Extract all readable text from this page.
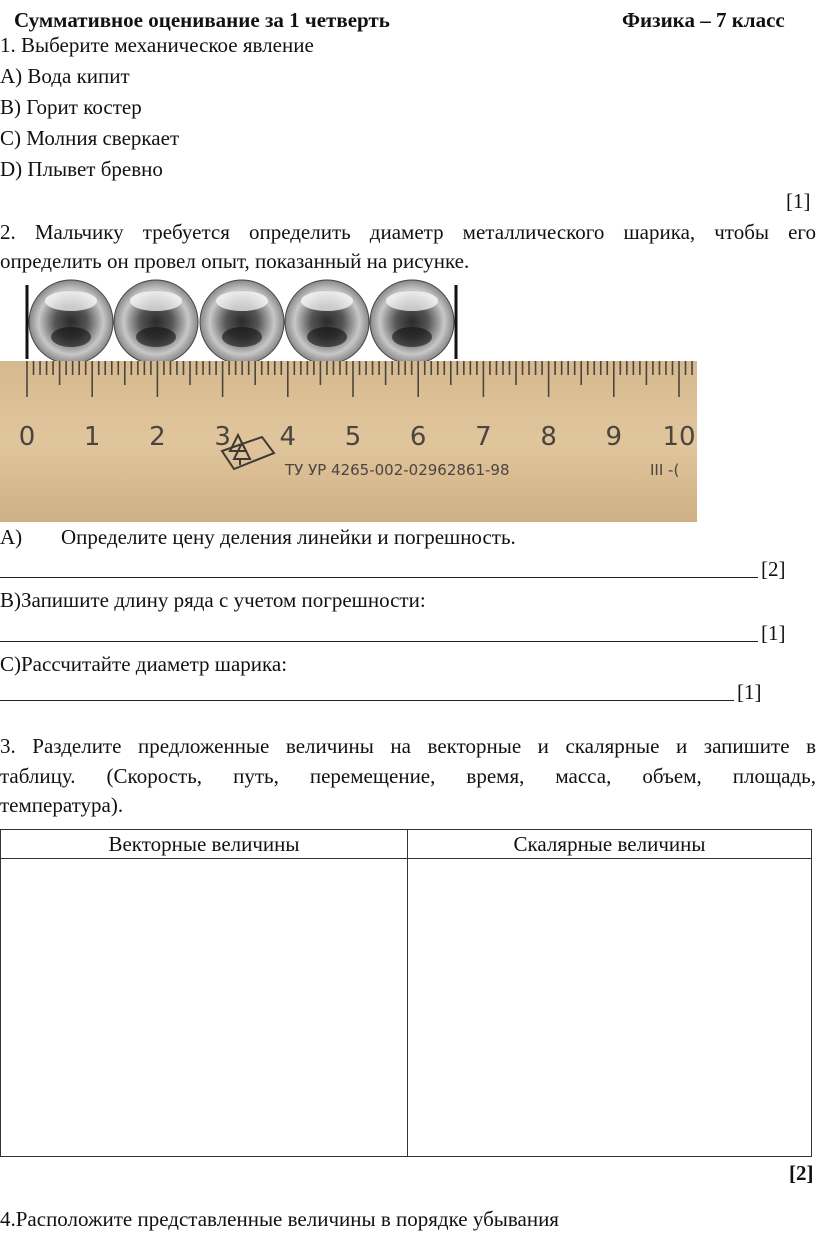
Суммативное оценивание за 1 четверть	Физика – 7 класс
1. Выберите механическое явление
A) Вода кипит
B) Горит костер
C) Молния сверкает
D) Плывет бревно
[1]
2. Мальчику требуется определить диаметр металлического шарика, чтобы его
определить он провел опыт, показанный на рисунке.
0 1 2 3 4 5 6 7 8 9 10
ТУ УР 4265-002-02962861-98	III -(
A) Определите цену деления линейки и погрешность.
[2]
B)Запишите длину ряда с учетом погрешности:
[1]
C)Рассчитайте диаметр шарика:
[1]
3. Разделите предложенные величины на векторные и скалярные и запишите в
таблицу. (Скорость, путь, перемещение, время, масса, объем, площадь,
температура).
Векторные величины	Скалярные величины

[2]
4.Расположите представленные величины в порядке убывания
